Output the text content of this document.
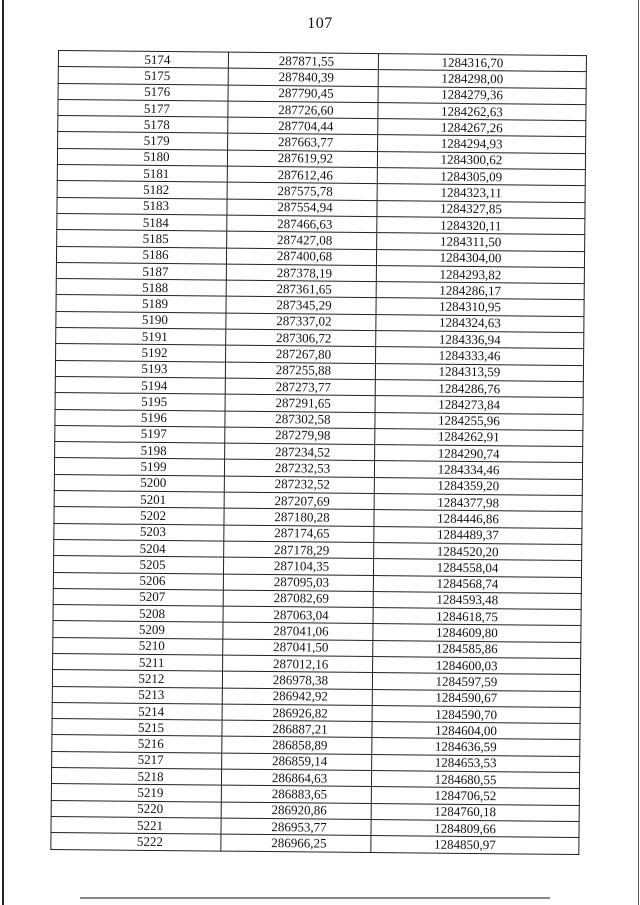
107
5174	287871,55	1284316,70
5175	287840,39	1284298,00
5176	287790,45	1284279,36
5177	287726,60	1284262,63
5178	287704,44	1284267,26
5179	287663,77	1284294,93
5180	287619,92	1284300,62
5181	287612,46	1284305,09
5182	287575,78	1284323,11
5183	287554,94	1284327,85
5184	287466,63	1284320,11
5185	287427,08	1284311,50
5186	287400,68	1284304,00
5187	287378,19	1284293,82
5188	287361,65	1284286,17
5189	287345,29	1284310,95
5190	287337,02	1284324,63
5191	287306,72	1284336,94
5192	287267,80	1284333,46
5193	287255,88	1284313,59
5194	287273,77	1284286,76
5195	287291,65	1284273,84
5196	287302,58	1284255,96
5197	287279,98	1284262,91
5198	287234,52	1284290,74
5199	287232,53	1284334,46
5200	287232,52	1284359,20
5201	287207,69	1284377,98
5202	287180,28	1284446,86
5203	287174,65	1284489,37
5204	287178,29	1284520,20
5205	287104,35	1284558,04
5206	287095,03	1284568,74
5207	287082,69	1284593,48
5208	287063,04	1284618,75
5209	287041,06	1284609,80
5210	287041,50	1284585,86
5211	287012,16	1284600,03
5212	286978,38	1284597,59
5213	286942,92	1284590,67
5214	286926,82	1284590,70
5215	286887,21	1284604,00
5216	286858,89	1284636,59
5217	286859,14	1284653,53
5218	286864,63	1284680,55
5219	286883,65	1284706,52
5220	286920,86	1284760,18
5221	286953,77	1284809,66
5222	286966,25	1284850,97
